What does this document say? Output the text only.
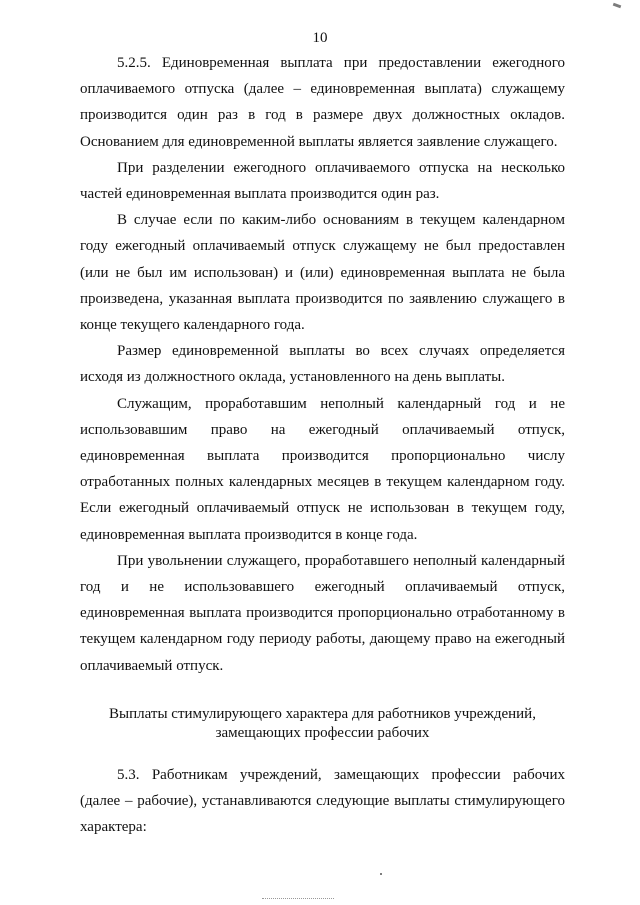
10

5.2.5. Единовременная выплата при предоставлении ежегодного оплачиваемого отпуска (далее – единовременная выплата) служащему производится один раз в год в размере двух должностных окладов. Основанием для единовременной выплаты является заявление служащего.

При разделении ежегодного оплачиваемого отпуска на несколько частей единовременная выплата производится один раз.

В случае если по каким-либо основаниям в текущем календарном году ежегодный оплачиваемый отпуск служащему не был предоставлен (или не был им использован) и (или) единовременная выплата не была произведена, указанная выплата производится по заявлению служащего в конце текущего календарного года.

Размер единовременной выплаты во всех случаях определяется исходя из должностного оклада, установленного на день выплаты.

Служащим, проработавшим неполный календарный год и не использовавшим право на ежегодный оплачиваемый отпуск, единовременная выплата производится пропорционально числу отработанных полных календарных месяцев в текущем календарном году. Если ежегодный оплачиваемый отпуск не использован в текущем году, единовременная выплата производится в конце года.

При увольнении служащего, проработавшего неполный календарный год и не использовавшего ежегодный оплачиваемый отпуск, единовременная выплата производится пропорционально отработанному в текущем календарном году периоду работы, дающему право на ежегодный оплачиваемый отпуск.

Выплаты стимулирующего характера для работников учреждений,

замещающих профессии рабочих

5.3. Работникам учреждений, замещающих профессии рабочих (далее – рабочие), устанавливаются следующие выплаты стимулирующего характера:
